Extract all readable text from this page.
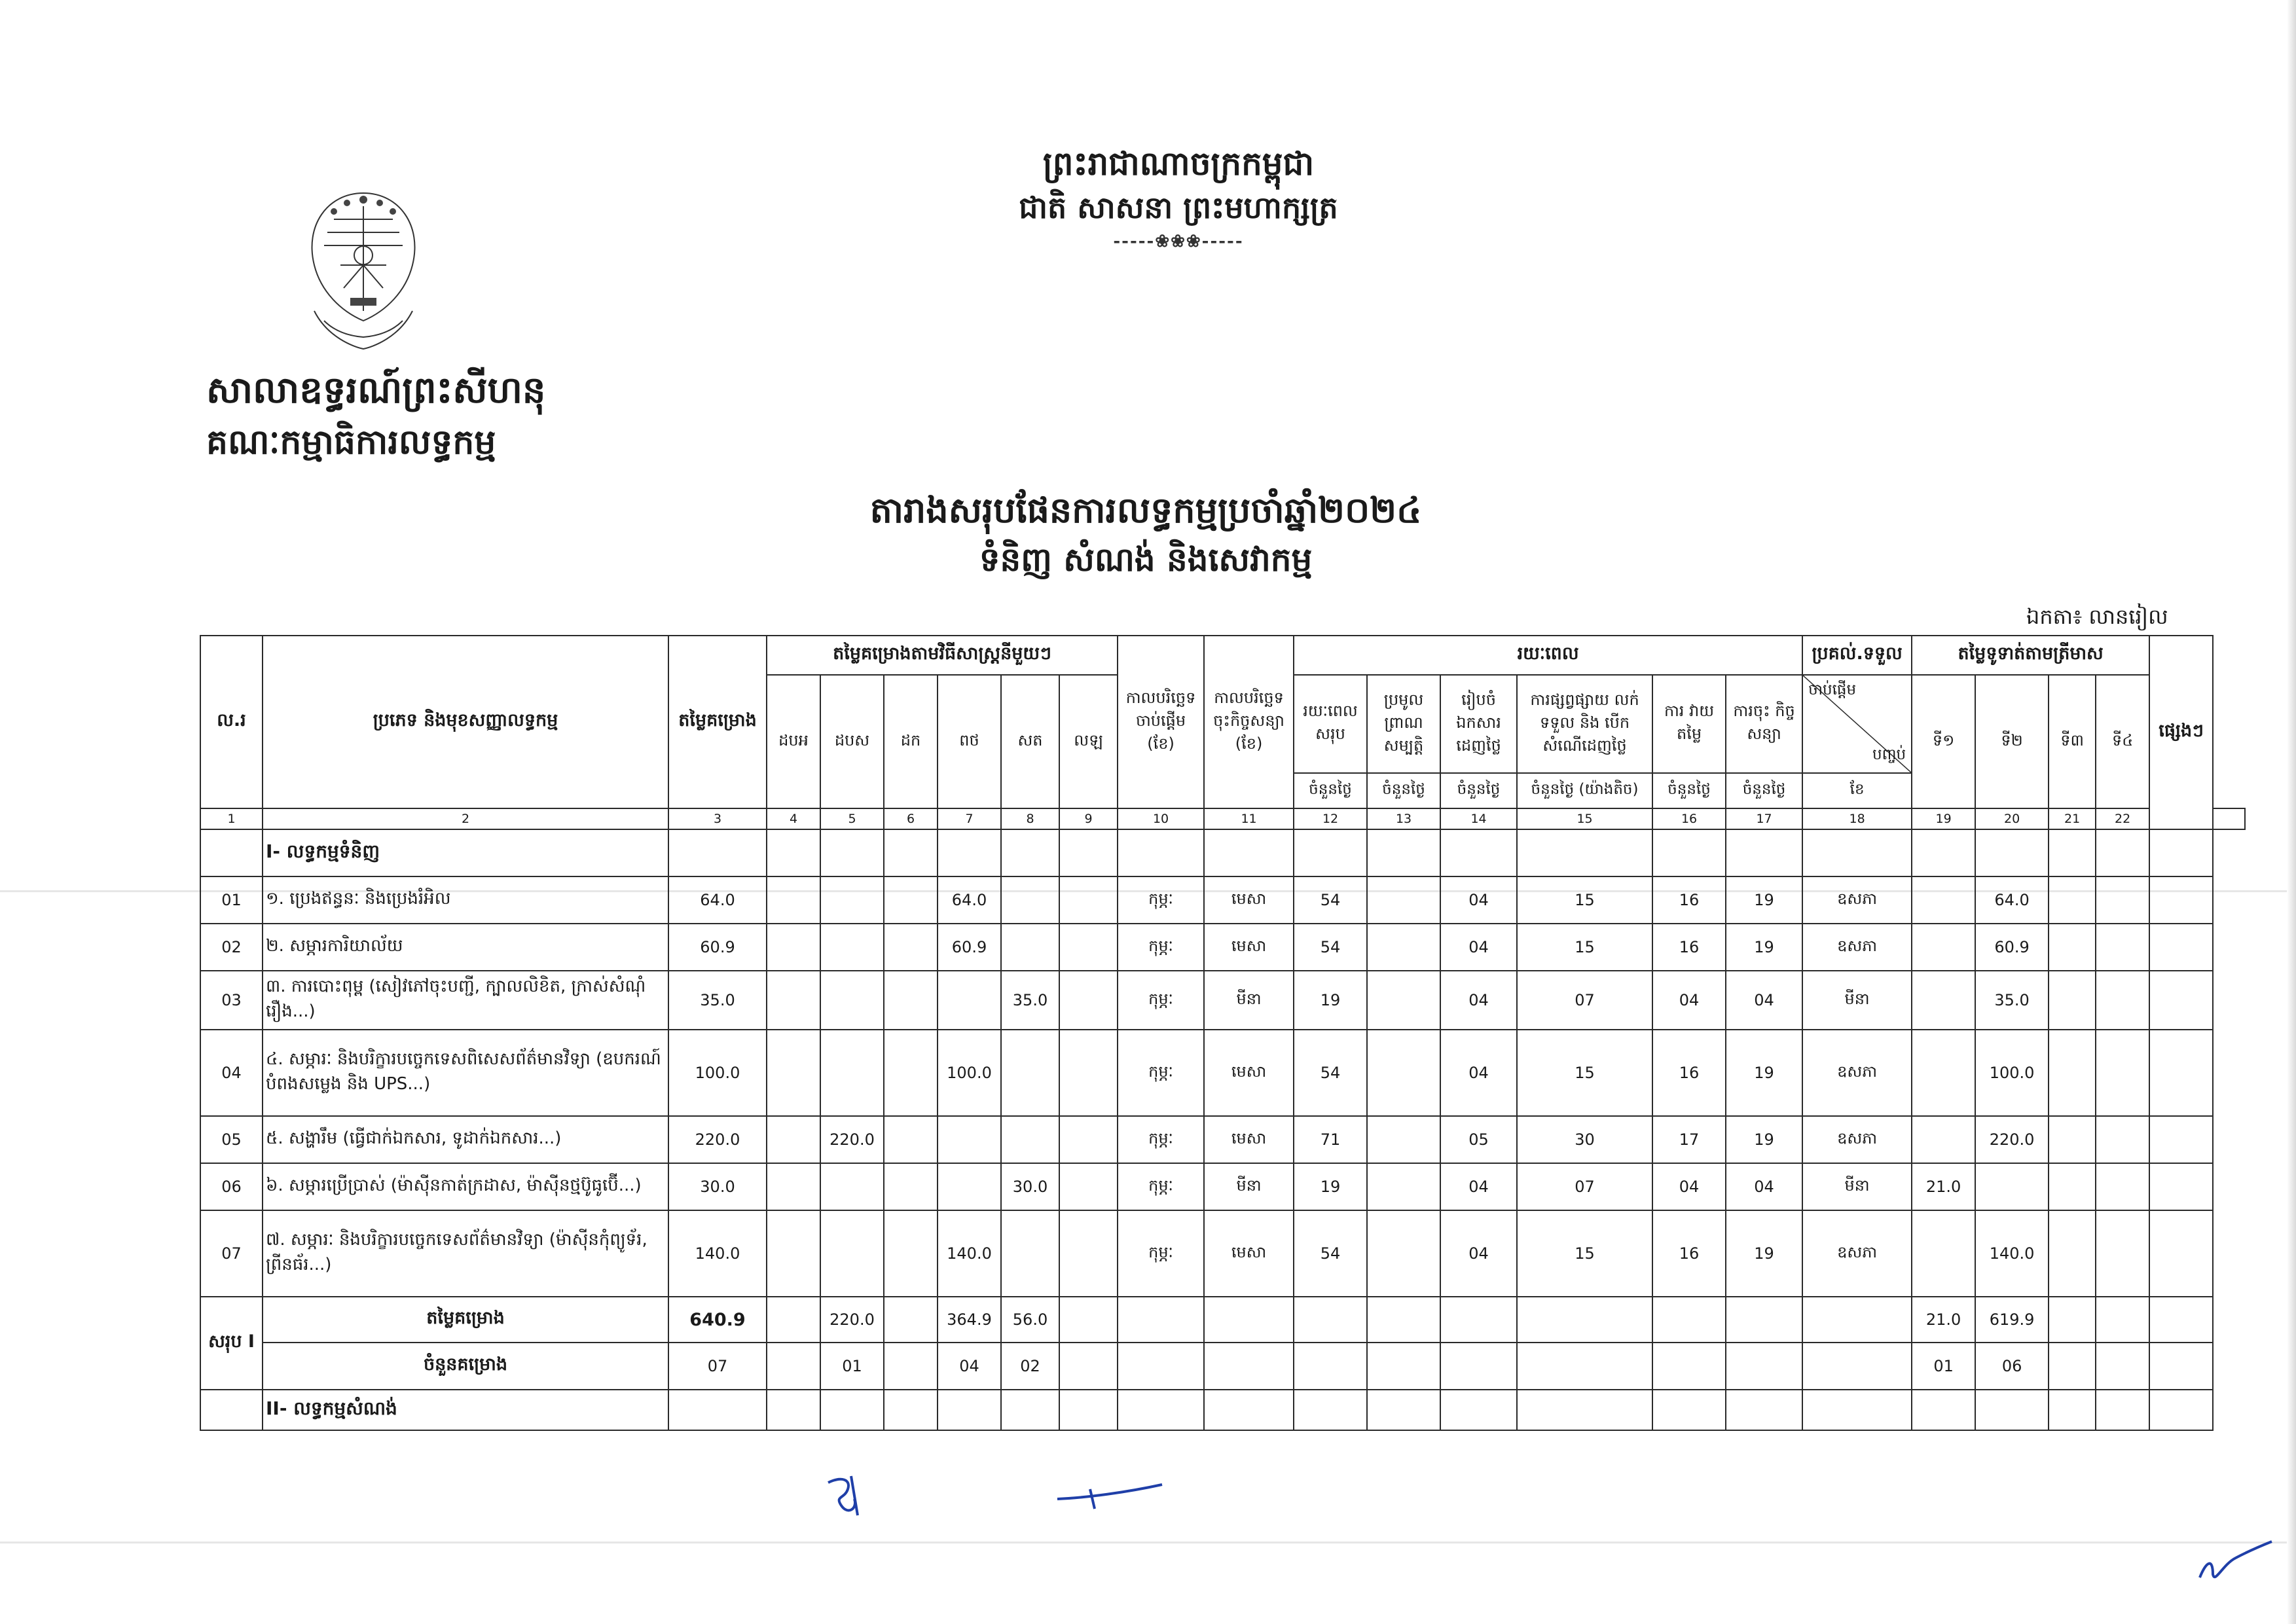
ព្រះរាជាណាចក្រកម្ពុជា
ជាតិ សាសនា ព្រះមហាក្សត្រ
-----❀❀❀-----
សាលាឧទ្ធរណ៍ព្រះសីហនុ
គណៈកម្មាធិការលទ្ធកម្ម
តារាងសរុបផែនការលទ្ធកម្មប្រចាំឆ្នាំ២០២៤
ទំនិញ សំណង់ និងសេវាកម្ម
ឯកតា៖ លានរៀល
ល.រ	ប្រភេទ និងមុខសញ្ញាលទ្ធកម្ម	តម្លៃគម្រោង	តម្លៃគម្រោងតាមវិធីសាស្ត្រនីមួយៗ						កាលបរិច្ឆេទ ចាប់ផ្តើម (ខែ)	កាលបរិច្ឆេទ ចុះកិច្ចសន្យា (ខែ)	រយៈពេល						ប្រគល់.ទទួល	តម្លៃទូទាត់តាមត្រីមាស				ផ្សេងៗ	
			ដបអ	ដបស	ដក	ពថ	សត	លឡ			រយៈពេល សរុប	ប្រមូលព្រាណ សម្បត្តិ	រៀបចំ ឯកសារ ដេញថ្លៃ	ការផ្សព្វផ្សាយ លក់ ទទួល និង បើកសំណើដេញថ្លៃ	ការ វាយតម្លៃ	ការចុះ កិច្ចសន្យា	ចាប់ផ្តើម
បញ្ចប់	ទី១	ទី២	ទី៣	ទី៤		
											ចំនួនថ្ងៃ	ចំនួនថ្ងៃ	ចំនួនថ្ងៃ	ចំនួនថ្ងៃ (យ៉ាងតិច)	ចំនួនថ្ងៃ	ចំនួនថ្ងៃ	ខែ						
1	2	3	4	5	6	7	8	9	10	11	12	13	14	15	16	17	18	19	20	21	22		
	I- លទ្ធកម្មទំនិញ																						
01	១. ប្រេងឥន្ធនៈ និងប្រេងរំអិល	64.0				64.0			កុម្ភៈ	មេសា	54		04	15	16	19	ឧសភា		64.0				
02	២. សម្ភារការិយាល័យ	60.9				60.9			កុម្ភៈ	មេសា	54		04	15	16	19	ឧសភា		60.9				
03	៣. ការបោះពុម្ព (សៀវភៅចុះបញ្ជី, ក្បាលលិខិត, ក្រាស់សំណុំរឿង...)	35.0					35.0		កុម្ភៈ	មីនា	19		04	07	04	04	មីនា		35.0				
04	៤. សម្ភារៈ និងបរិក្ខារបច្ចេកទេសពិសេសព័ត៌មានវិទ្យា (ឧបករណ៍បំពងសម្លេង និង UPS...)	100.0				100.0			កុម្ភៈ	មេសា	54		04	15	16	19	ឧសភា		100.0				
05	៥. សង្ហារឹម (ធ្វើជាក់ឯកសារ, ទូដាក់ឯកសារ...)	220.0		220.0					កុម្ភៈ	មេសា	71		05	30	17	19	ឧសភា		220.0				
06	៦. សម្ភារប្រើប្រាស់ (ម៉ាស៊ីនកាត់ក្រដាស, ម៉ាស៊ីនថ្មប៊ូធូប៊ើ...)	30.0					30.0		កុម្ភៈ	មីនា	19		04	07	04	04	មីនា	21.0					
07	៧. សម្ភារៈ និងបរិក្ខារបច្ចេកទេសព័ត៌មានវិទ្យា (ម៉ាស៊ីនកុំព្យូទ័រ, ព្រីនធ័រ...)	140.0				140.0			កុម្ភៈ	មេសា	54		04	15	16	19	ឧសភា		140.0				
សរុប I	តម្លៃគម្រោង	640.9		220.0		364.9	56.0											21.0	619.9				
	ចំនួនគម្រោង	07		01		04	02											01	06				
	II- លទ្ធកម្មសំណង់																						
